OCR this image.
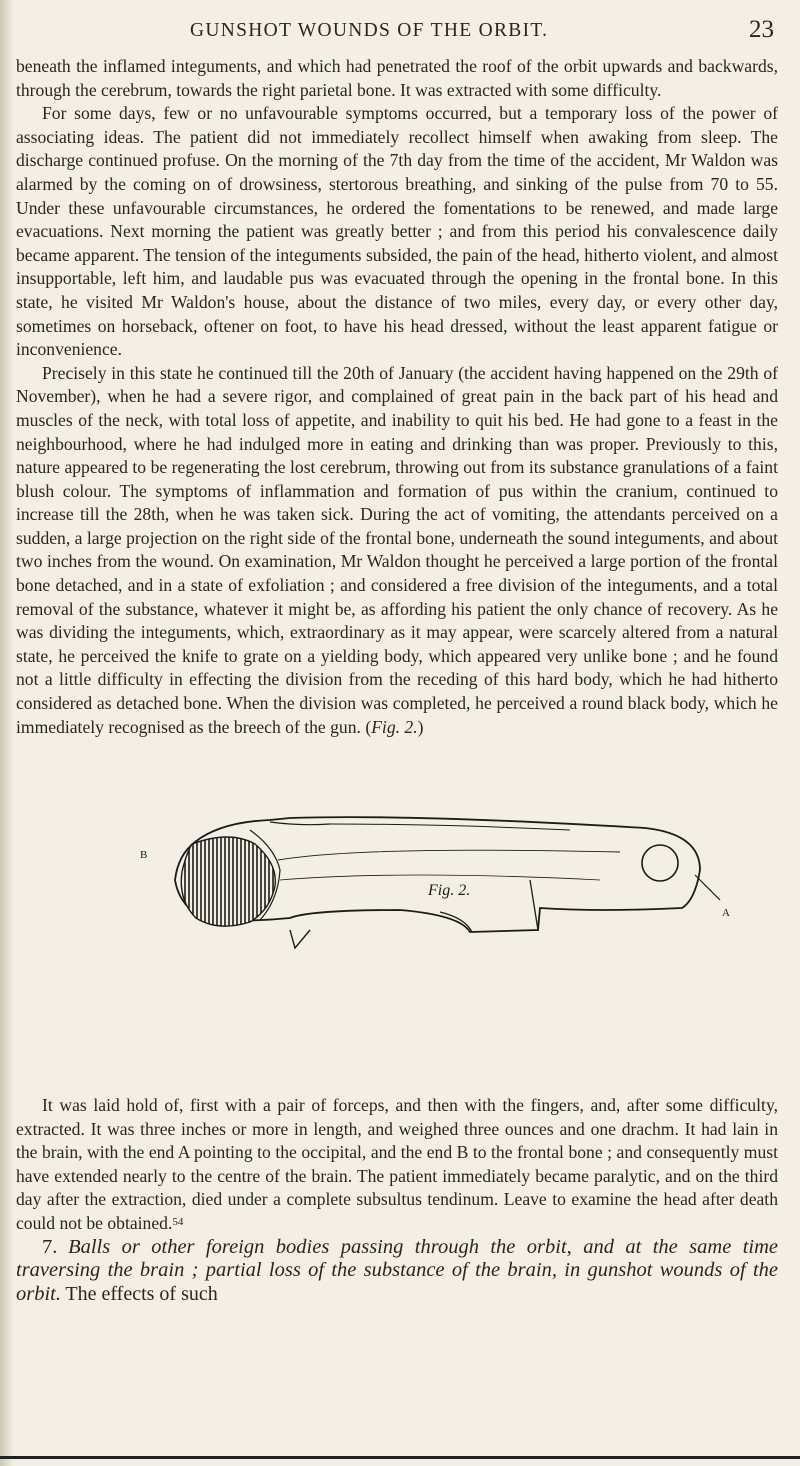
GUNSHOT WOUNDS OF THE ORBIT.	23

beneath the inflamed integuments, and which had penetrated the roof of the orbit upwards and backwards, through the cerebrum, towards the right parietal bone. It was extracted with some difficulty.

For some days, few or no unfavourable symptoms occurred, but a temporary loss of the power of associating ideas. The patient did not immediately recollect himself when awaking from sleep. The discharge continued profuse. On the morning of the 7th day from the time of the accident, Mr Waldon was alarmed by the coming on of drowsiness, stertorous breathing, and sinking of the pulse from 70 to 55. Under these unfavourable circumstances, he ordered the fomentations to be renewed, and made large evacuations. Next morning the patient was greatly better ; and from this period his convalescence daily became apparent. The tension of the integuments subsided, the pain of the head, hitherto violent, and almost insupportable, left him, and laudable pus was evacuated through the opening in the frontal bone. In this state, he visited Mr Waldon's house, about the distance of two miles, every day, or every other day, sometimes on horseback, oftener on foot, to have his head dressed, without the least apparent fatigue or inconvenience.

Precisely in this state he continued till the 20th of January (the accident having happened on the 29th of November), when he had a severe rigor, and complained of great pain in the back part of his head and muscles of the neck, with total loss of appetite, and inability to quit his bed. He had gone to a feast in the neighbourhood, where he had indulged more in eating and drinking than was proper. Previously to this, nature appeared to be regenerating the lost cerebrum, throwing out from its substance granulations of a faint blush colour. The symptoms of inflammation and formation of pus within the cranium, continued to increase till the 28th, when he was taken sick. During the act of vomiting, the attendants perceived on a sudden, a large projection on the right side of the frontal bone, underneath the sound integuments, and about two inches from the wound. On examination, Mr Waldon thought he perceived a large portion of the frontal bone detached, and in a state of exfoliation ; and considered a free division of the integuments, and a total removal of the substance, whatever it might be, as affording his patient the only chance of recovery. As he was dividing the integuments, which, extraordinary as it may appear, were scarcely altered from a natural state, he perceived the knife to grate on a yielding body, which appeared very unlike bone ; and he found not a little difficulty in effecting the division from the receding of this hard body, which he had hitherto considered as detached bone. When the division was completed, he perceived a round black body, which he immediately recognised as the breech of the gun. (Fig. 2.)

Fig. 2.
A
B

It was laid hold of, first with a pair of forceps, and then with the fingers, and, after some difficulty, extracted. It was three inches or more in length, and weighed three ounces and one drachm. It had lain in the brain, with the end A pointing to the occipital, and the end B to the frontal bone ; and consequently must have extended nearly to the centre of the brain. The patient immediately became paralytic, and on the third day after the extraction, died under a complete subsultus tendinum. Leave to examine the head after death could not be obtained.$^{54}$

7. Balls or other foreign bodies passing through the orbit, and at the same time traversing the brain ; partial loss of the substance of the brain, in gunshot wounds of the orbit. The effects of such
